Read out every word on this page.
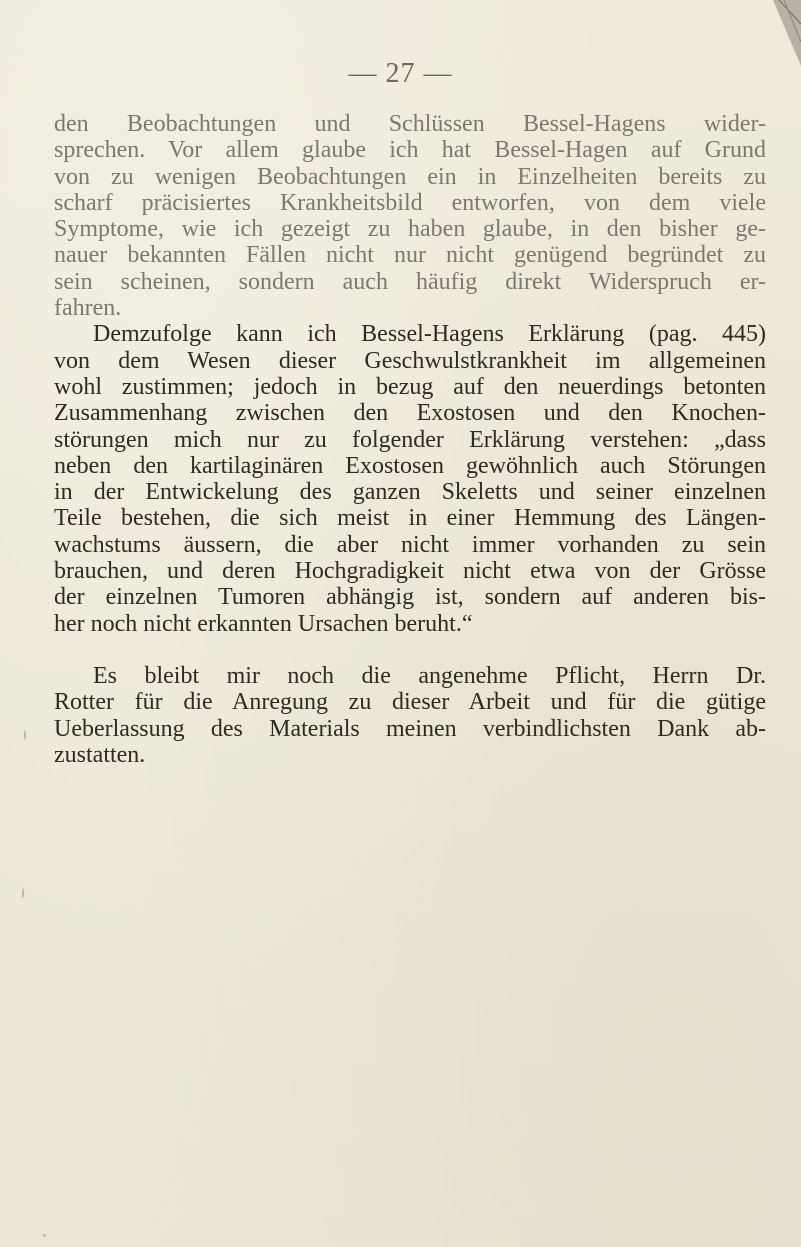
— 27 —
den Beobachtungen und Schlüssen Bessel-Hagens wider-
sprechen. Vor allem glaube ich hat Bessel-Hagen auf Grund
von zu wenigen Beobachtungen ein in Einzelheiten bereits zu
scharf präcisiertes Krankheitsbild entworfen, von dem viele
Symptome, wie ich gezeigt zu haben glaube, in den bisher ge-
nauer bekannten Fällen nicht nur nicht genügend begründet zu
sein scheinen, sondern auch häufig direkt Widerspruch er-
fahren.
Demzufolge kann ich Bessel-Hagens Erklärung (pag. 445)
von dem Wesen dieser Geschwulstkrankheit im allgemeinen
wohl zustimmen; jedoch in bezug auf den neuerdings betonten
Zusammenhang zwischen den Exostosen und den Knochen-
störungen mich nur zu folgender Erklärung verstehen: „dass
neben den kartilaginären Exostosen gewöhnlich auch Störungen
in der Entwickelung des ganzen Skeletts und seiner einzelnen
Teile bestehen, die sich meist in einer Hemmung des Längen-
wachstums äussern, die aber nicht immer vorhanden zu sein
brauchen, und deren Hochgradigkeit nicht etwa von der Grösse
der einzelnen Tumoren abhängig ist, sondern auf anderen bis-
her noch nicht erkannten Ursachen beruht.“
Es bleibt mir noch die angenehme Pflicht, Herrn Dr.
Rotter für die Anregung zu dieser Arbeit und für die gütige
Ueberlassung des Materials meinen verbindlichsten Dank ab-
zustatten.
